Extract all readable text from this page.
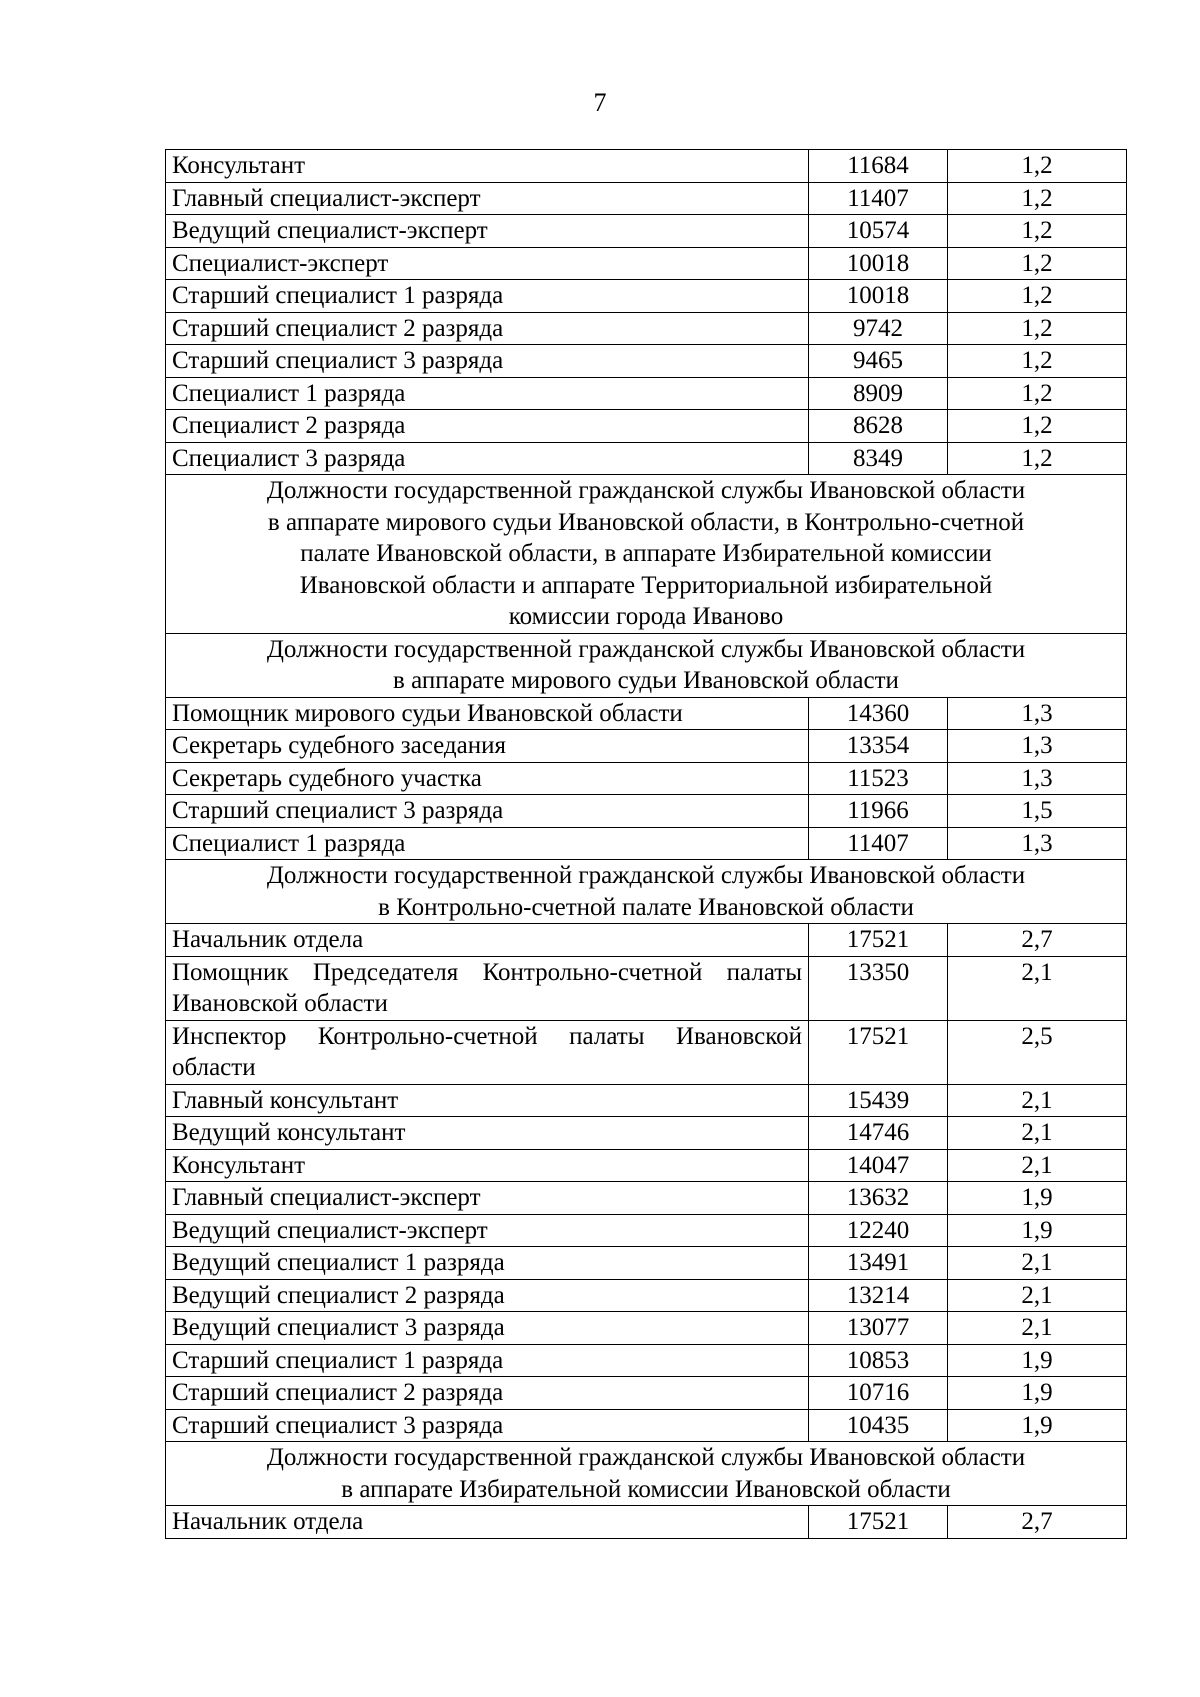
7
Консультант	11684	1,2
Главный специалист-эксперт	11407	1,2
Ведущий специалист-эксперт	10574	1,2
Специалист-эксперт	10018	1,2
Старший специалист 1 разряда	10018	1,2
Старший специалист 2 разряда	9742	1,2
Старший специалист 3 разряда	9465	1,2
Специалист 1 разряда	8909	1,2
Специалист 2 разряда	8628	1,2
Специалист 3 разряда	8349	1,2
Должности государственной гражданской службы Ивановской области
в аппарате мирового судьи Ивановской области, в Контрольно-счетной
палате Ивановской области, в аппарате Избирательной комиссии
Ивановской области и аппарате Территориальной избирательной
комиссии города Иваново		
Должности государственной гражданской службы Ивановской области
в аппарате мирового судьи Ивановской области		
Помощник мирового судьи Ивановской области	14360	1,3
Секретарь судебного заседания	13354	1,3
Секретарь судебного участка	11523	1,3
Старший специалист 3 разряда	11966	1,5
Специалист 1 разряда	11407	1,3
Должности государственной гражданской службы Ивановской области
в Контрольно-счетной палате Ивановской области		
Начальник отдела	17521	2,7
Помощник Председателя Контрольно-счетной палаты Ивановской области	13350	2,1
Инспектор Контрольно-счетной палаты Ивановской области	17521	2,5
Главный консультант	15439	2,1
Ведущий консультант	14746	2,1
Консультант	14047	2,1
Главный специалист-эксперт	13632	1,9
Ведущий специалист-эксперт	12240	1,9
Ведущий специалист 1 разряда	13491	2,1
Ведущий специалист 2 разряда	13214	2,1
Ведущий специалист 3 разряда	13077	2,1
Старший специалист 1 разряда	10853	1,9
Старший специалист 2 разряда	10716	1,9
Старший специалист 3 разряда	10435	1,9
Должности государственной гражданской службы Ивановской области
в аппарате Избирательной комиссии Ивановской области		
Начальник отдела	17521	2,7
